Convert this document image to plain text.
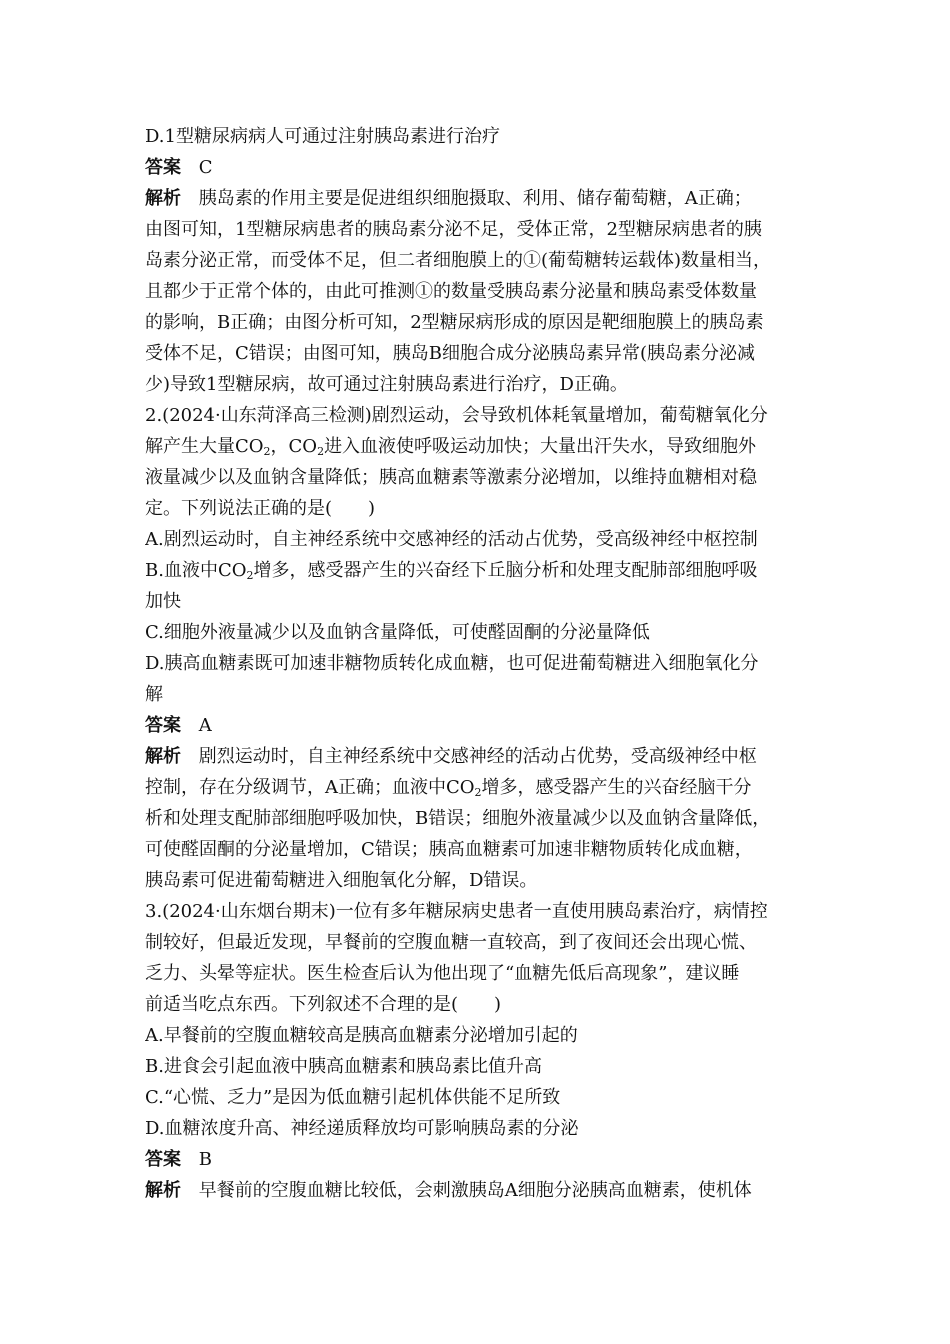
D.1型糖尿病病人可通过注射胰岛素进行治疗
答案 C
解析 胰岛素的作用主要是促进组织细胞摄取、利用、储存葡萄糖，A正确；
由图可知，1型糖尿病患者的胰岛素分泌不足，受体正常，2型糖尿病患者的胰
岛素分泌正常，而受体不足，但二者细胞膜上的①(葡萄糖转运载体)数量相当，
且都少于正常个体的，由此可推测①的数量受胰岛素分泌量和胰岛素受体数量
的影响，B正确；由图分析可知，2型糖尿病形成的原因是靶细胞膜上的胰岛素
受体不足，C错误；由图可知，胰岛B细胞合成分泌胰岛素异常(胰岛素分泌减
少)导致1型糖尿病，故可通过注射胰岛素进行治疗，D正确。
2.(2024·山东菏泽高三检测)剧烈运动，会导致机体耗氧量增加，葡萄糖氧化分
解产生大量$CO_2$，$CO_2$进入血液使呼吸运动加快；大量出汗失水，导致细胞外
液量减少以及血钠含量降低；胰高血糖素等激素分泌增加，以维持血糖相对稳
定。下列说法正确的是(　　)
A.剧烈运动时，自主神经系统中交感神经的活动占优势，受高级神经中枢控制
B.血液中$CO_2$增多，感受器产生的兴奋经下丘脑分析和处理支配肺部细胞呼吸
加快
C.细胞外液量减少以及血钠含量降低，可使醛固酮的分泌量降低
D.胰高血糖素既可加速非糖物质转化成血糖，也可促进葡萄糖进入细胞氧化分
解
答案 A
解析 剧烈运动时，自主神经系统中交感神经的活动占优势，受高级神经中枢
控制，存在分级调节，A正确；血液中$CO_2$增多，感受器产生的兴奋经脑干分
析和处理支配肺部细胞呼吸加快，B错误；细胞外液量减少以及血钠含量降低，
可使醛固酮的分泌量增加，C错误；胰高血糖素可加速非糖物质转化成血糖，
胰岛素可促进葡萄糖进入细胞氧化分解，D错误。
3.(2024·山东烟台期末)一位有多年糖尿病史患者一直使用胰岛素治疗，病情控
制较好，但最近发现，早餐前的空腹血糖一直较高，到了夜间还会出现心慌、
乏力、头晕等症状。医生检查后认为他出现了“血糖先低后高现象”，建议睡
前适当吃点东西。下列叙述不合理的是(　　)
A.早餐前的空腹血糖较高是胰高血糖素分泌增加引起的
B.进食会引起血液中胰高血糖素和胰岛素比值升高
C.“心慌、乏力”是因为低血糖引起机体供能不足所致
D.血糖浓度升高、神经递质释放均可影响胰岛素的分泌
答案 B
解析 早餐前的空腹血糖比较低，会刺激胰岛A细胞分泌胰高血糖素，使机体
